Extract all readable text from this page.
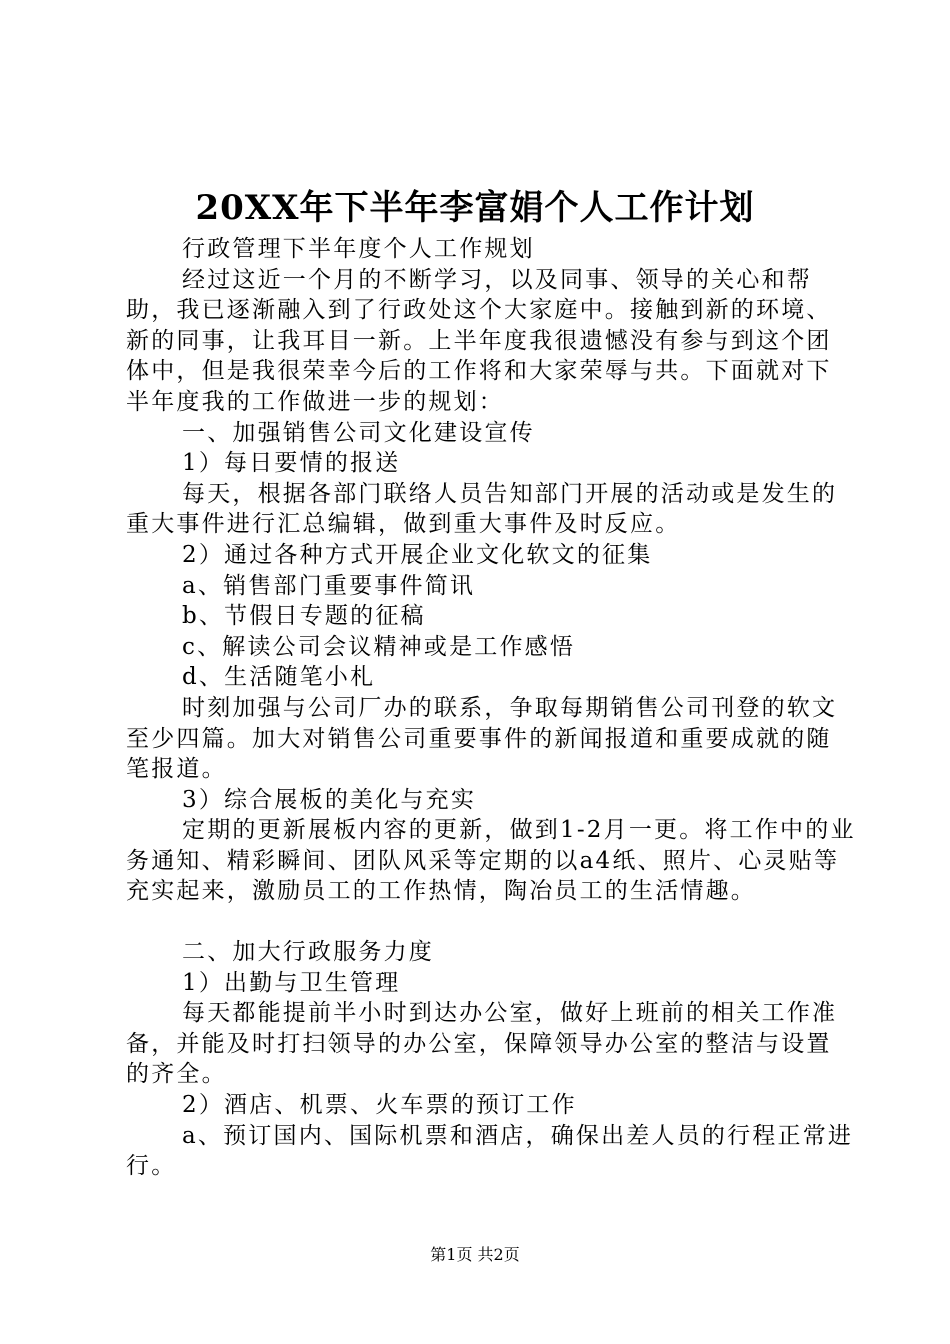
20XX年下半年李富娟个人工作计划

行政管理下半年度个人工作规划

经过这近一个月的不断学习，以及同事、领导的关心和帮助，我已逐渐融入到了行政处这个大家庭中。接触到新的环境、新的同事，让我耳目一新。上半年度我很遗憾没有参与到这个团体中，但是我很荣幸今后的工作将和大家荣辱与共。下面就对下半年度我的工作做进一步的规划：

一、加强销售公司文化建设宣传

1）每日要情的报送

每天，根据各部门联络人员告知部门开展的活动或是发生的重大事件进行汇总编辑，做到重大事件及时反应。

2）通过各种方式开展企业文化软文的征集

a、销售部门重要事件简讯

b、节假日专题的征稿

c、解读公司会议精神或是工作感悟

d、生活随笔小札

时刻加强与公司厂办的联系，争取每期销售公司刊登的软文至少四篇。加大对销售公司重要事件的新闻报道和重要成就的随笔报道。

3）综合展板的美化与充实

定期的更新展板内容的更新，做到1-2月一更。将工作中的业务通知、精彩瞬间、团队风采等定期的以a4纸、照片、心灵贴等充实起来，激励员工的工作热情，陶冶员工的生活情趣。

二、加大行政服务力度

1）出勤与卫生管理

每天都能提前半小时到达办公室，做好上班前的相关工作准备，并能及时打扫领导的办公室，保障领导办公室的整洁与设置的齐全。

2）酒店、机票、火车票的预订工作

a、预订国内、国际机票和酒店，确保出差人员的行程正常进行。

第1页 共2页
